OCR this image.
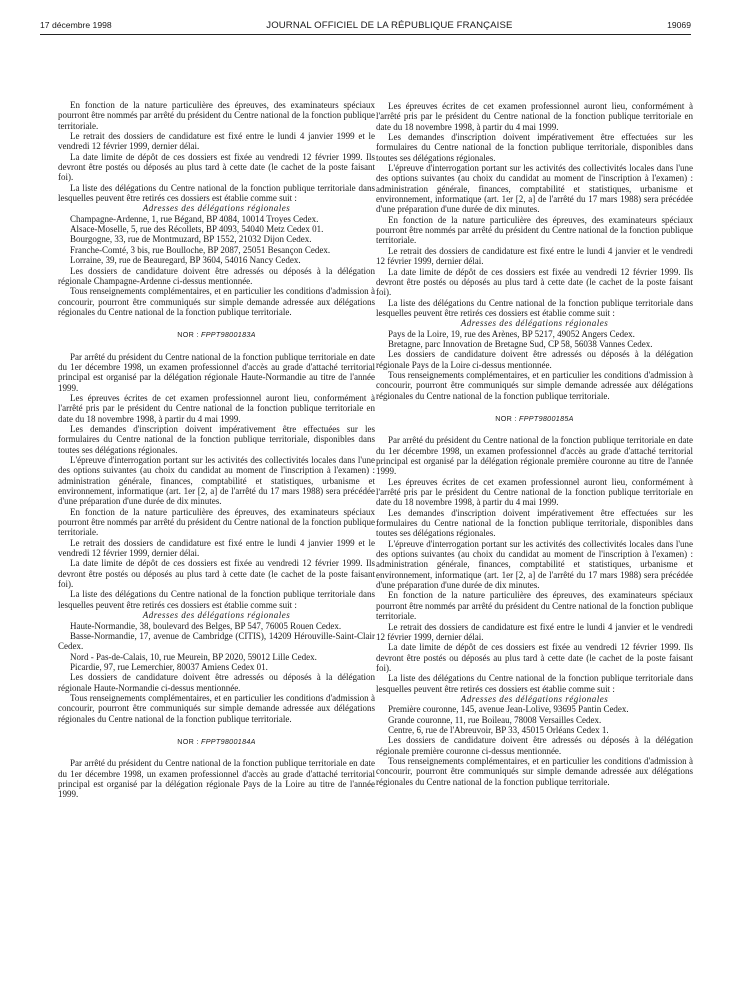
17 décembre 1998	JOURNAL OFFICIEL DE LA RÉPUBLIQUE FRANÇAISE	19069

En fonction de la nature particulière des épreuves, des examinateurs spéciaux pourront être nommés par arrêté du président du Centre national de la fonction publique territoriale.

Le retrait des dossiers de candidature est fixé entre le lundi 4 janvier 1999 et le vendredi 12 février 1999, dernier délai.

La date limite de dépôt de ces dossiers est fixée au vendredi 12 février 1999. Ils devront être postés ou déposés au plus tard à cette date (le cachet de la poste faisant foi).

La liste des délégations du Centre national de la fonction publique territoriale dans lesquelles peuvent être retirés ces dossiers est établie comme suit :

Adresses des délégations régionales

Champagne-Ardenne, 1, rue Bégand, BP 4084, 10014 Troyes Cedex.

Alsace-Moselle, 5, rue des Récollets, BP 4093, 54040 Metz Cedex 01.

Bourgogne, 33, rue de Montmuzard, BP 1552, 21032 Dijon Cedex.

Franche-Comté, 3 bis, rue Boulloche, BP 2087, 25051 Besançon Cedex.

Lorraine, 39, rue de Beauregard, BP 3604, 54016 Nancy Cedex.

Les dossiers de candidature doivent être adressés ou déposés à la délégation régionale Champagne-Ardenne ci-dessus mentionnée.

Tous renseignements complémentaires, et en particulier les conditions d'admission à concourir, pourront être communiqués sur simple demande adressée aux délégations régionales du Centre national de la fonction publique territoriale.

NOR : FPPT9800183A

Par arrêté du président du Centre national de la fonction publique territoriale en date du 1er décembre 1998, un examen professionnel d'accès au grade d'attaché territorial principal est organisé par la délégation régionale Haute-Normandie au titre de l'année 1999.

Les épreuves écrites de cet examen professionnel auront lieu, conformément à l'arrêté pris par le président du Centre national de la fonction publique territoriale en date du 18 novembre 1998, à partir du 4 mai 1999.

Les demandes d'inscription doivent impérativement être effectuées sur les formulaires du Centre national de la fonction publique territoriale, disponibles dans toutes ses délégations régionales.

L'épreuve d'interrogation portant sur les activités des collectivités locales dans l'une des options suivantes (au choix du candidat au moment de l'inscription à l'examen) : administration générale, finances, comptabilité et statistiques, urbanisme et environnement, informatique (art. 1er [2, a] de l'arrêté du 17 mars 1988) sera précédée d'une préparation d'une durée de dix minutes.

En fonction de la nature particulière des épreuves, des examinateurs spéciaux pourront être nommés par arrêté du président du Centre national de la fonction publique territoriale.

Le retrait des dossiers de candidature est fixé entre le lundi 4 janvier 1999 et le vendredi 12 février 1999, dernier délai.

La date limite de dépôt de ces dossiers est fixée au vendredi 12 février 1999. Ils devront être postés ou déposés au plus tard à cette date (le cachet de la poste faisant foi).

La liste des délégations du Centre national de la fonction publique territoriale dans lesquelles peuvent être retirés ces dossiers est établie comme suit :

Adresses des délégations régionales

Haute-Normandie, 38, boulevard des Belges, BP 547, 76005 Rouen Cedex.

Basse-Normandie, 17, avenue de Cambridge (CITIS), 14209 Hérouville-Saint-Clair Cedex.

Nord - Pas-de-Calais, 10, rue Meurein, BP 2020, 59012 Lille Cedex.

Picardie, 97, rue Lemerchier, 80037 Amiens Cedex 01.

Les dossiers de candidature doivent être adressés ou déposés à la délégation régionale Haute-Normandie ci-dessus mentionnée.

Tous renseignements complémentaires, et en particulier les conditions d'admission à concourir, pourront être communiqués sur simple demande adressée aux délégations régionales du Centre national de la fonction publique territoriale.

NOR : FPPT9800184A

Par arrêté du président du Centre national de la fonction publique territoriale en date du 1er décembre 1998, un examen professionnel d'accès au grade d'attaché territorial principal est organisé par la délégation régionale Pays de la Loire au titre de l'année 1999.

Les épreuves écrites de cet examen professionnel auront lieu, conformément à l'arrêté pris par le président du Centre national de la fonction publique territoriale en date du 18 novembre 1998, à partir du 4 mai 1999.

Les demandes d'inscription doivent impérativement être effectuées sur les formulaires du Centre national de la fonction publique territoriale, disponibles dans toutes ses délégations régionales.

L'épreuve d'interrogation portant sur les activités des collectivités locales dans l'une des options suivantes (au choix du candidat au moment de l'inscription à l'examen) : administration générale, finances, comptabilité et statistiques, urbanisme et environnement, informatique (art. 1er [2, a] de l'arrêté du 17 mars 1988) sera précédée d'une préparation d'une durée de dix minutes.

En fonction de la nature particulière des épreuves, des examinateurs spéciaux pourront être nommés par arrêté du président du Centre national de la fonction publique territoriale.

Le retrait des dossiers de candidature est fixé entre le lundi 4 janvier et le vendredi 12 février 1999, dernier délai.

La date limite de dépôt de ces dossiers est fixée au vendredi 12 février 1999. Ils devront être postés ou déposés au plus tard à cette date (le cachet de la poste faisant foi).

La liste des délégations du Centre national de la fonction publique territoriale dans lesquelles peuvent être retirés ces dossiers est établie comme suit :

Adresses des délégations régionales

Pays de la Loire, 19, rue des Arènes, BP 5217, 49052 Angers Cedex.

Bretagne, parc Innovation de Bretagne Sud, CP 58, 56038 Vannes Cedex.

Les dossiers de candidature doivent être adressés ou déposés à la délégation régionale Pays de la Loire ci-dessus mentionnée.

Tous renseignements complémentaires, et en particulier les conditions d'admission à concourir, pourront être communiqués sur simple demande adressée aux délégations régionales du Centre national de la fonction publique territoriale.

NOR : FPPT9800185A

Par arrêté du président du Centre national de la fonction publique territoriale en date du 1er décembre 1998, un examen professionnel d'accès au grade d'attaché territorial principal est organisé par la délégation régionale première couronne au titre de l'année 1999.

Les épreuves écrites de cet examen professionnel auront lieu, conformément à l'arrêté pris par le président du Centre national de la fonction publique territoriale en date du 18 novembre 1998, à partir du 4 mai 1999.

Les demandes d'inscription doivent impérativement être effectuées sur les formulaires du Centre national de la fonction publique territoriale, disponibles dans toutes ses délégations régionales.

L'épreuve d'interrogation portant sur les activités des collectivités locales dans l'une des options suivantes (au choix du candidat au moment de l'inscription à l'examen) : administration générale, finances, comptabilité et statistiques, urbanisme et environnement, informatique (art. 1er [2, a] de l'arrêté du 17 mars 1988) sera précédée d'une préparation d'une durée de dix minutes.

En fonction de la nature particulière des épreuves, des examinateurs spéciaux pourront être nommés par arrêté du président du Centre national de la fonction publique territoriale.

Le retrait des dossiers de candidature est fixé entre le lundi 4 janvier et le vendredi 12 février 1999, dernier délai.

La date limite de dépôt de ces dossiers est fixée au vendredi 12 février 1999. Ils devront être postés ou déposés au plus tard à cette date (le cachet de la poste faisant foi).

La liste des délégations du Centre national de la fonction publique territoriale dans lesquelles peuvent être retirés ces dossiers est établie comme suit :

Adresses des délégations régionales

Première couronne, 145, avenue Jean-Lolive, 93695 Pantin Cedex.

Grande couronne, 11, rue Boileau, 78008 Versailles Cedex.

Centre, 6, rue de l'Abreuvoir, BP 33, 45015 Orléans Cedex 1.

Les dossiers de candidature doivent être adressés ou déposés à la délégation régionale première couronne ci-dessus mentionnée.

Tous renseignements complémentaires, et en particulier les conditions d'admission à concourir, pourront être communiqués sur simple demande adressée aux délégations régionales du Centre national de la fonction publique territoriale.
